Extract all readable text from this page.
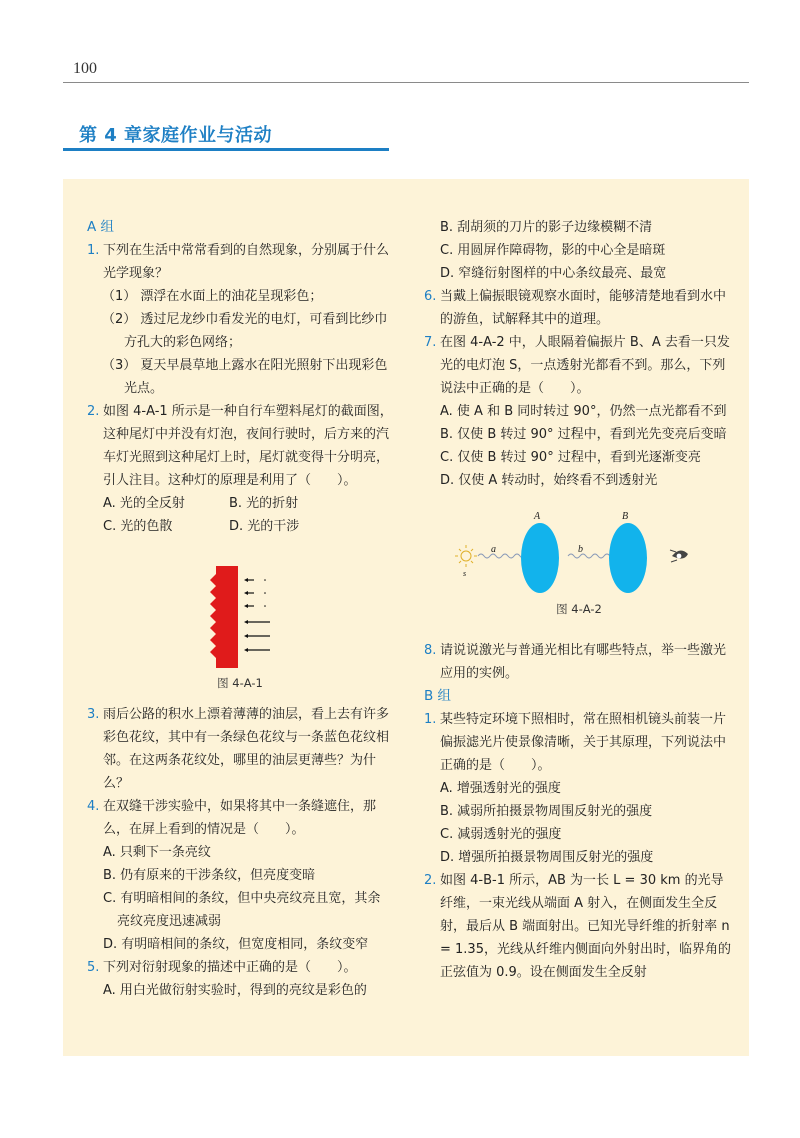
100
第 4 章家庭作业与活动
A 组
1. 下列在生活中常常看到的自然现象，分别属于什么光学现象？
（1） 漂浮在水面上的油花呈现彩色；
（2） 透过尼龙纱巾看发光的电灯，可看到比纱巾方孔大的彩色网络；
（3） 夏天早晨草地上露水在阳光照射下出现彩色光点。
2. 如图 4-A-1 所示是一种自行车塑料尾灯的截面图，这种尾灯中并没有灯泡，夜间行驶时，后方来的汽车灯光照到这种尾灯上时，尾灯就变得十分明亮，引人注目。这种灯的原理是利用了（　　）。
A. 光的全反射	B. 光的折射
C. 光的色散	D. 光的干涉
图 4-A-1
3. 雨后公路的积水上漂着薄薄的油层，看上去有许多彩色花纹，其中有一条绿色花纹与一条蓝色花纹相邻。在这两条花纹处，哪里的油层更薄些？为什么？
4. 在双缝干涉实验中，如果将其中一条缝遮住，那么，在屏上看到的情况是（　　）。
A. 只剩下一条亮纹
B. 仍有原来的干涉条纹，但亮度变暗
C. 有明暗相间的条纹，但中央亮纹亮且宽，其余亮纹亮度迅速减弱
D. 有明暗相间的条纹，但宽度相同，条纹变窄
5. 下列对衍射现象的描述中正确的是（　　）。
A. 用白光做衍射实验时，得到的亮纹是彩色的
B. 刮胡须的刀片的影子边缘模糊不清
C. 用圆屏作障碍物，影的中心全是暗斑
D. 窄缝衍射图样的中心条纹最亮、最宽
6. 当戴上偏振眼镜观察水面时，能够清楚地看到水中的游鱼，试解释其中的道理。
7. 在图 4-A-2 中，人眼隔着偏振片 B、A 去看一只发光的电灯泡 S，一点透射光都看不到。那么，下列说法中正确的是（　　）。
A. 使 A 和 B 同时转过 90°，仍然一点光都看不到
B. 仅使 B 转过 90° 过程中，看到光先变亮后变暗
C. 仅使 B 转过 90° 过程中，看到光逐渐变亮
D. 仅使 A 转动时，始终看不到透射光
A	B
a	b
s
图 4-A-2
8. 请说说激光与普通光相比有哪些特点，举一些激光应用的实例。
B 组
1. 某些特定环境下照相时，常在照相机镜头前装一片偏振滤光片使景像清晰，关于其原理，下列说法中正确的是（　　）。
A. 增强透射光的强度
B. 减弱所拍摄景物周围反射光的强度
C. 减弱透射光的强度
D. 增强所拍摄景物周围反射光的强度
2. 如图 4-B-1 所示，AB 为一长 L = 30 km 的光导纤维，一束光线从端面 A 射入，在侧面发生全反射，最后从 B 端面射出。已知光导纤维的折射率 n = 1.35，光线从纤维内侧面向外射出时，临界角的正弦值为 0.9。设在侧面发生全反射
